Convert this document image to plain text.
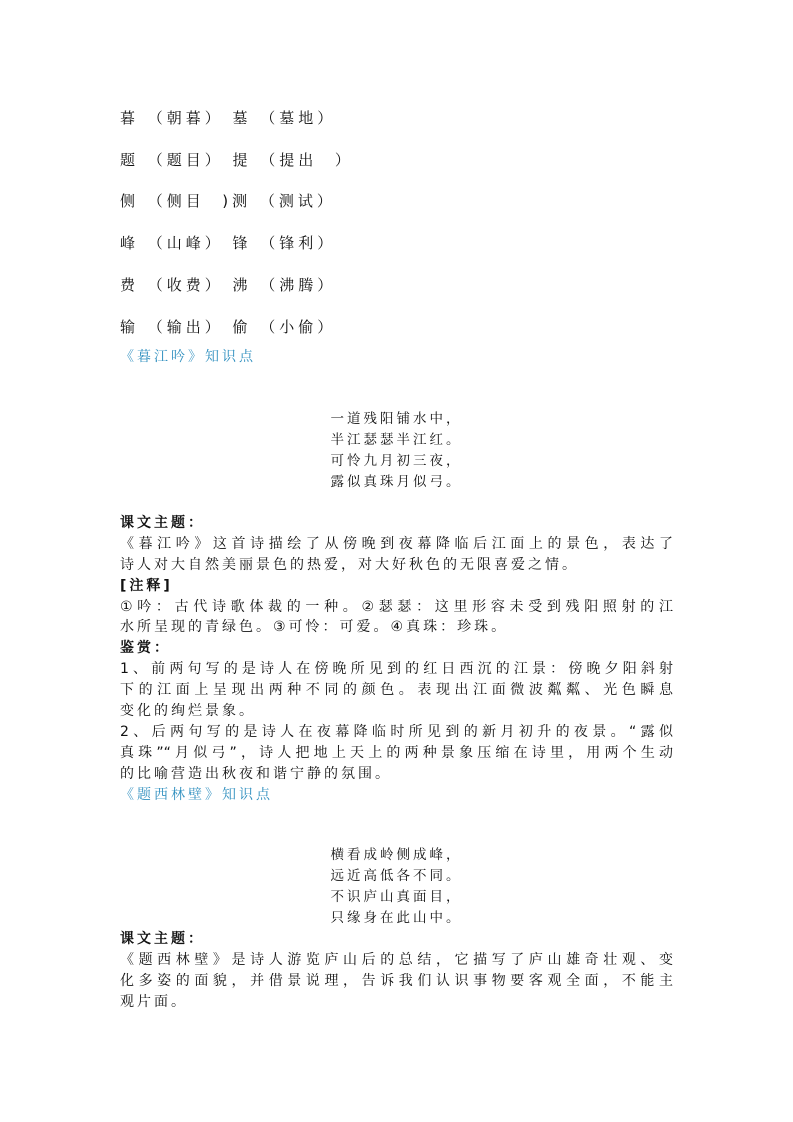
暮 （朝暮） 墓 （墓地）
题 （题目） 提 （提出  ）
侧 （侧目  )测 （测试）
峰 （山峰） 锋 （锋利）
费 （收费） 沸 （沸腾）
输 （输出） 偷 （小偷）
《暮江吟》知识点
一道残阳铺水中，
半江瑟瑟半江红。
可怜九月初三夜，
露似真珠月似弓。
课文主题：
《暮江吟》这首诗描绘了从傍晚到夜幕降临后江面上的景色，表达了
诗人对大自然美丽景色的热爱，对大好秋色的无限喜爱之情。
[注释]
①吟：古代诗歌体裁的一种。②瑟瑟：这里形容未受到残阳照射的江
水所呈现的青绿色。③可怜：可爱。④真珠：珍珠。
鉴赏：
1、前两句写的是诗人在傍晚所见到的红日西沉的江景：傍晚夕阳斜射
下的江面上呈现出两种不同的颜色。表现出江面微波粼粼、光色瞬息
变化的绚烂景象。
2、后两句写的是诗人在夜幕降临时所见到的新月初升的夜景。“露似
真珠”“月似弓”，诗人把地上天上的两种景象压缩在诗里，用两个生动
的比喻营造出秋夜和谐宁静的氛围。
《题西林壁》知识点
横看成岭侧成峰，
远近高低各不同。
不识庐山真面目，
只缘身在此山中。
课文主题：
《题西林壁》是诗人游览庐山后的总结，它描写了庐山雄奇壮观、变
化多姿的面貌，并借景说理，告诉我们认识事物要客观全面，不能主
观片面。
